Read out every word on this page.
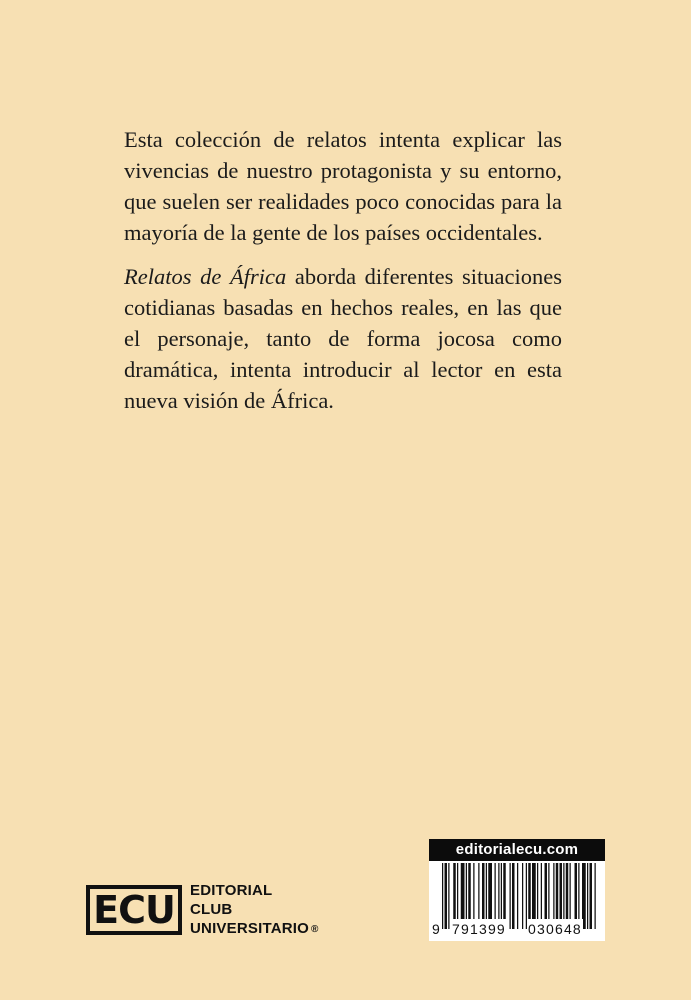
Esta colección de relatos intenta explicar las vivencias de nuestro protagonista y su entorno, que suelen ser realidades poco conocidas para la mayoría de la gente de los países occidentales.

Relatos de África aborda diferentes situaciones cotidianas basadas en hechos reales, en las que el personaje, tanto de forma jocosa como dramática, intenta introducir al lector en esta nueva visión de África.

ECU	EDITORIAL
CLUB
UNIVERSITARIO ®
editorialecu.com
9 791399 030648
